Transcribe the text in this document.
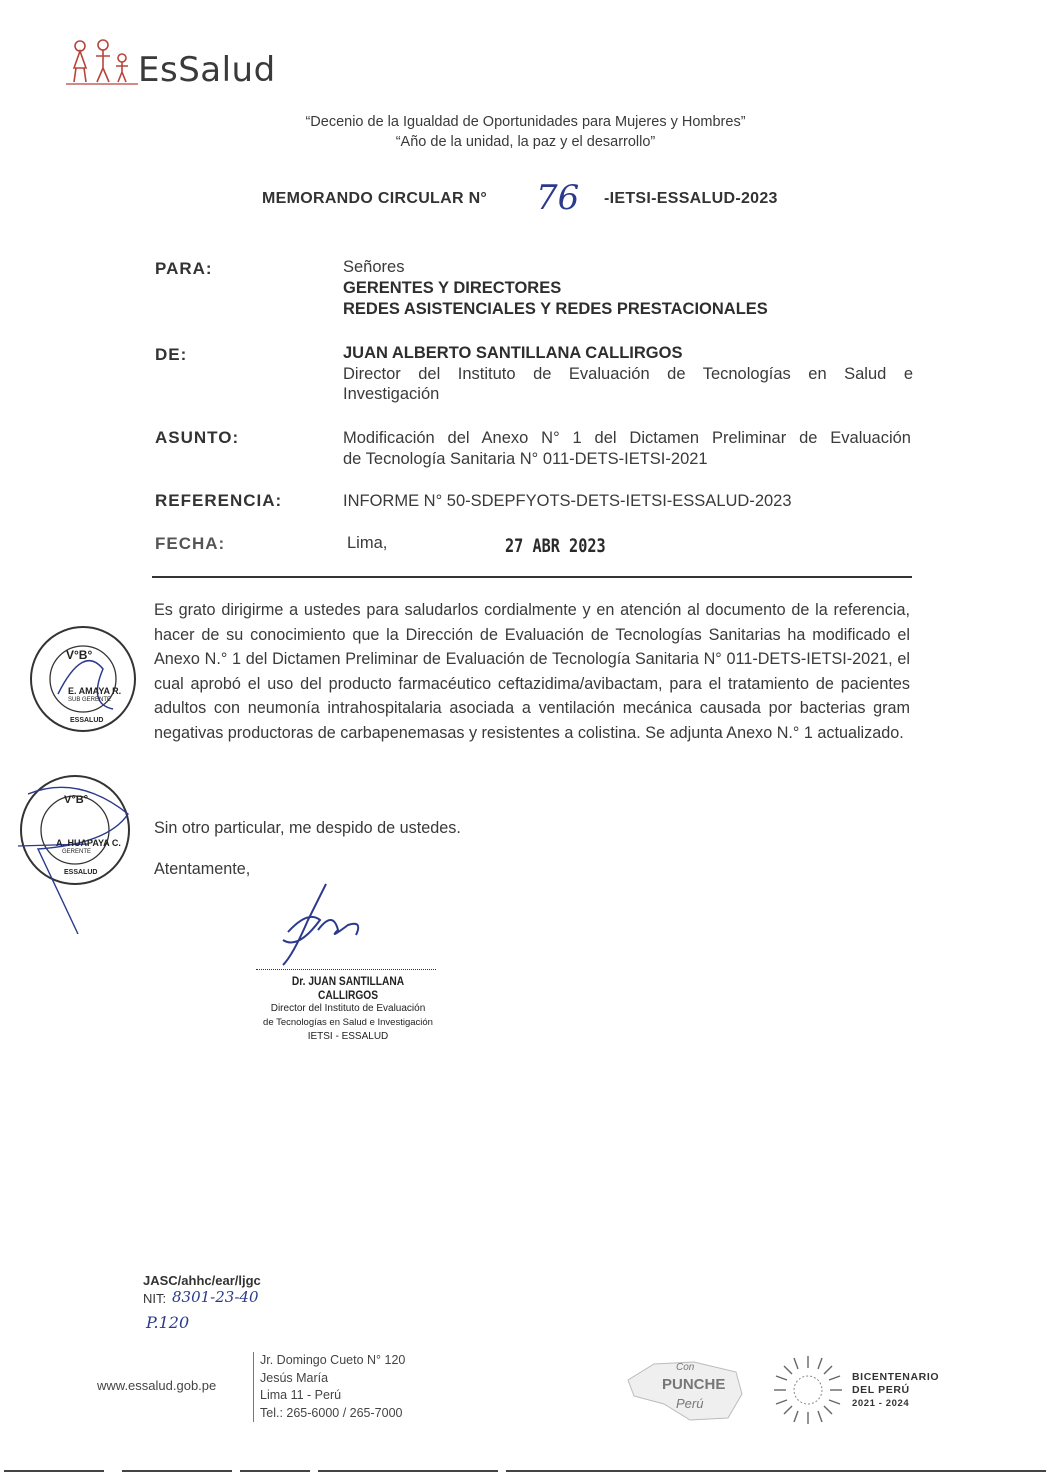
EsSalud
“Decenio de la Igualdad de Oportunidades para Mujeres y Hombres”
“Año de la unidad, la paz y el desarrollo”
MEMORANDO CIRCULAR N° 76 -IETSI-ESSALUD-2023
PARA:	Señores
GERENTES Y DIRECTORES
REDES ASISTENCIALES Y REDES PRESTACIONALES
DE:	JUAN ALBERTO SANTILLANA CALLIRGOS
Director del Instituto de Evaluación de Tecnologías en Salud e
Investigación
ASUNTO:	Modificación del Anexo N° 1 del Dictamen Preliminar de Evaluación
de Tecnología Sanitaria N° 011-DETS-IETSI-2021
REFERENCIA:	INFORME N° 50-SDEPFYOTS-DETS-IETSI-ESSALUD-2023
FECHA:	Lima,	27 ABR 2023
Es grato dirigirme a ustedes para saludarlos cordialmente y en atención al documento de la referencia, hacer de su conocimiento que la Dirección de Evaluación de Tecnologías Sanitarias ha modificado el Anexo N.° 1 del Dictamen Preliminar de Evaluación de Tecnología Sanitaria N° 011-DETS-IETSI-2021, el cual aprobó el uso del producto farmacéutico ceftazidima/avibactam, para el tratamiento de pacientes adultos con neumonía intrahospitalaria asociada a ventilación mecánica causada por bacterias gram negativas productoras de carbapenemasas y resistentes a colistina. Se adjunta Anexo N.° 1 actualizado.
Sin otro particular, me despido de ustedes.
Atentamente,
V°B°
E. AMAYA R.
SUB GERENTE
ESSALUD
V°B°
A. HUAPAYA C.
GERENTE
ESSALUD
Dr. JUAN SANTILLANA CALLIRGOS
Director del Instituto de Evaluación
de Tecnologías en Salud e Investigación
IETSI - ESSALUD
JASC/ahhc/ear/ljgc
NIT: 8301-23-40
P.120
www.essalud.gob.pe
Jr. Domingo Cueto N° 120
Jesús María
Lima 11 - Perú
Tel.: 265-6000 / 265-7000
Con
PUNCHE
Perú
BICENTENARIO
DEL PERÚ
2021 - 2024
